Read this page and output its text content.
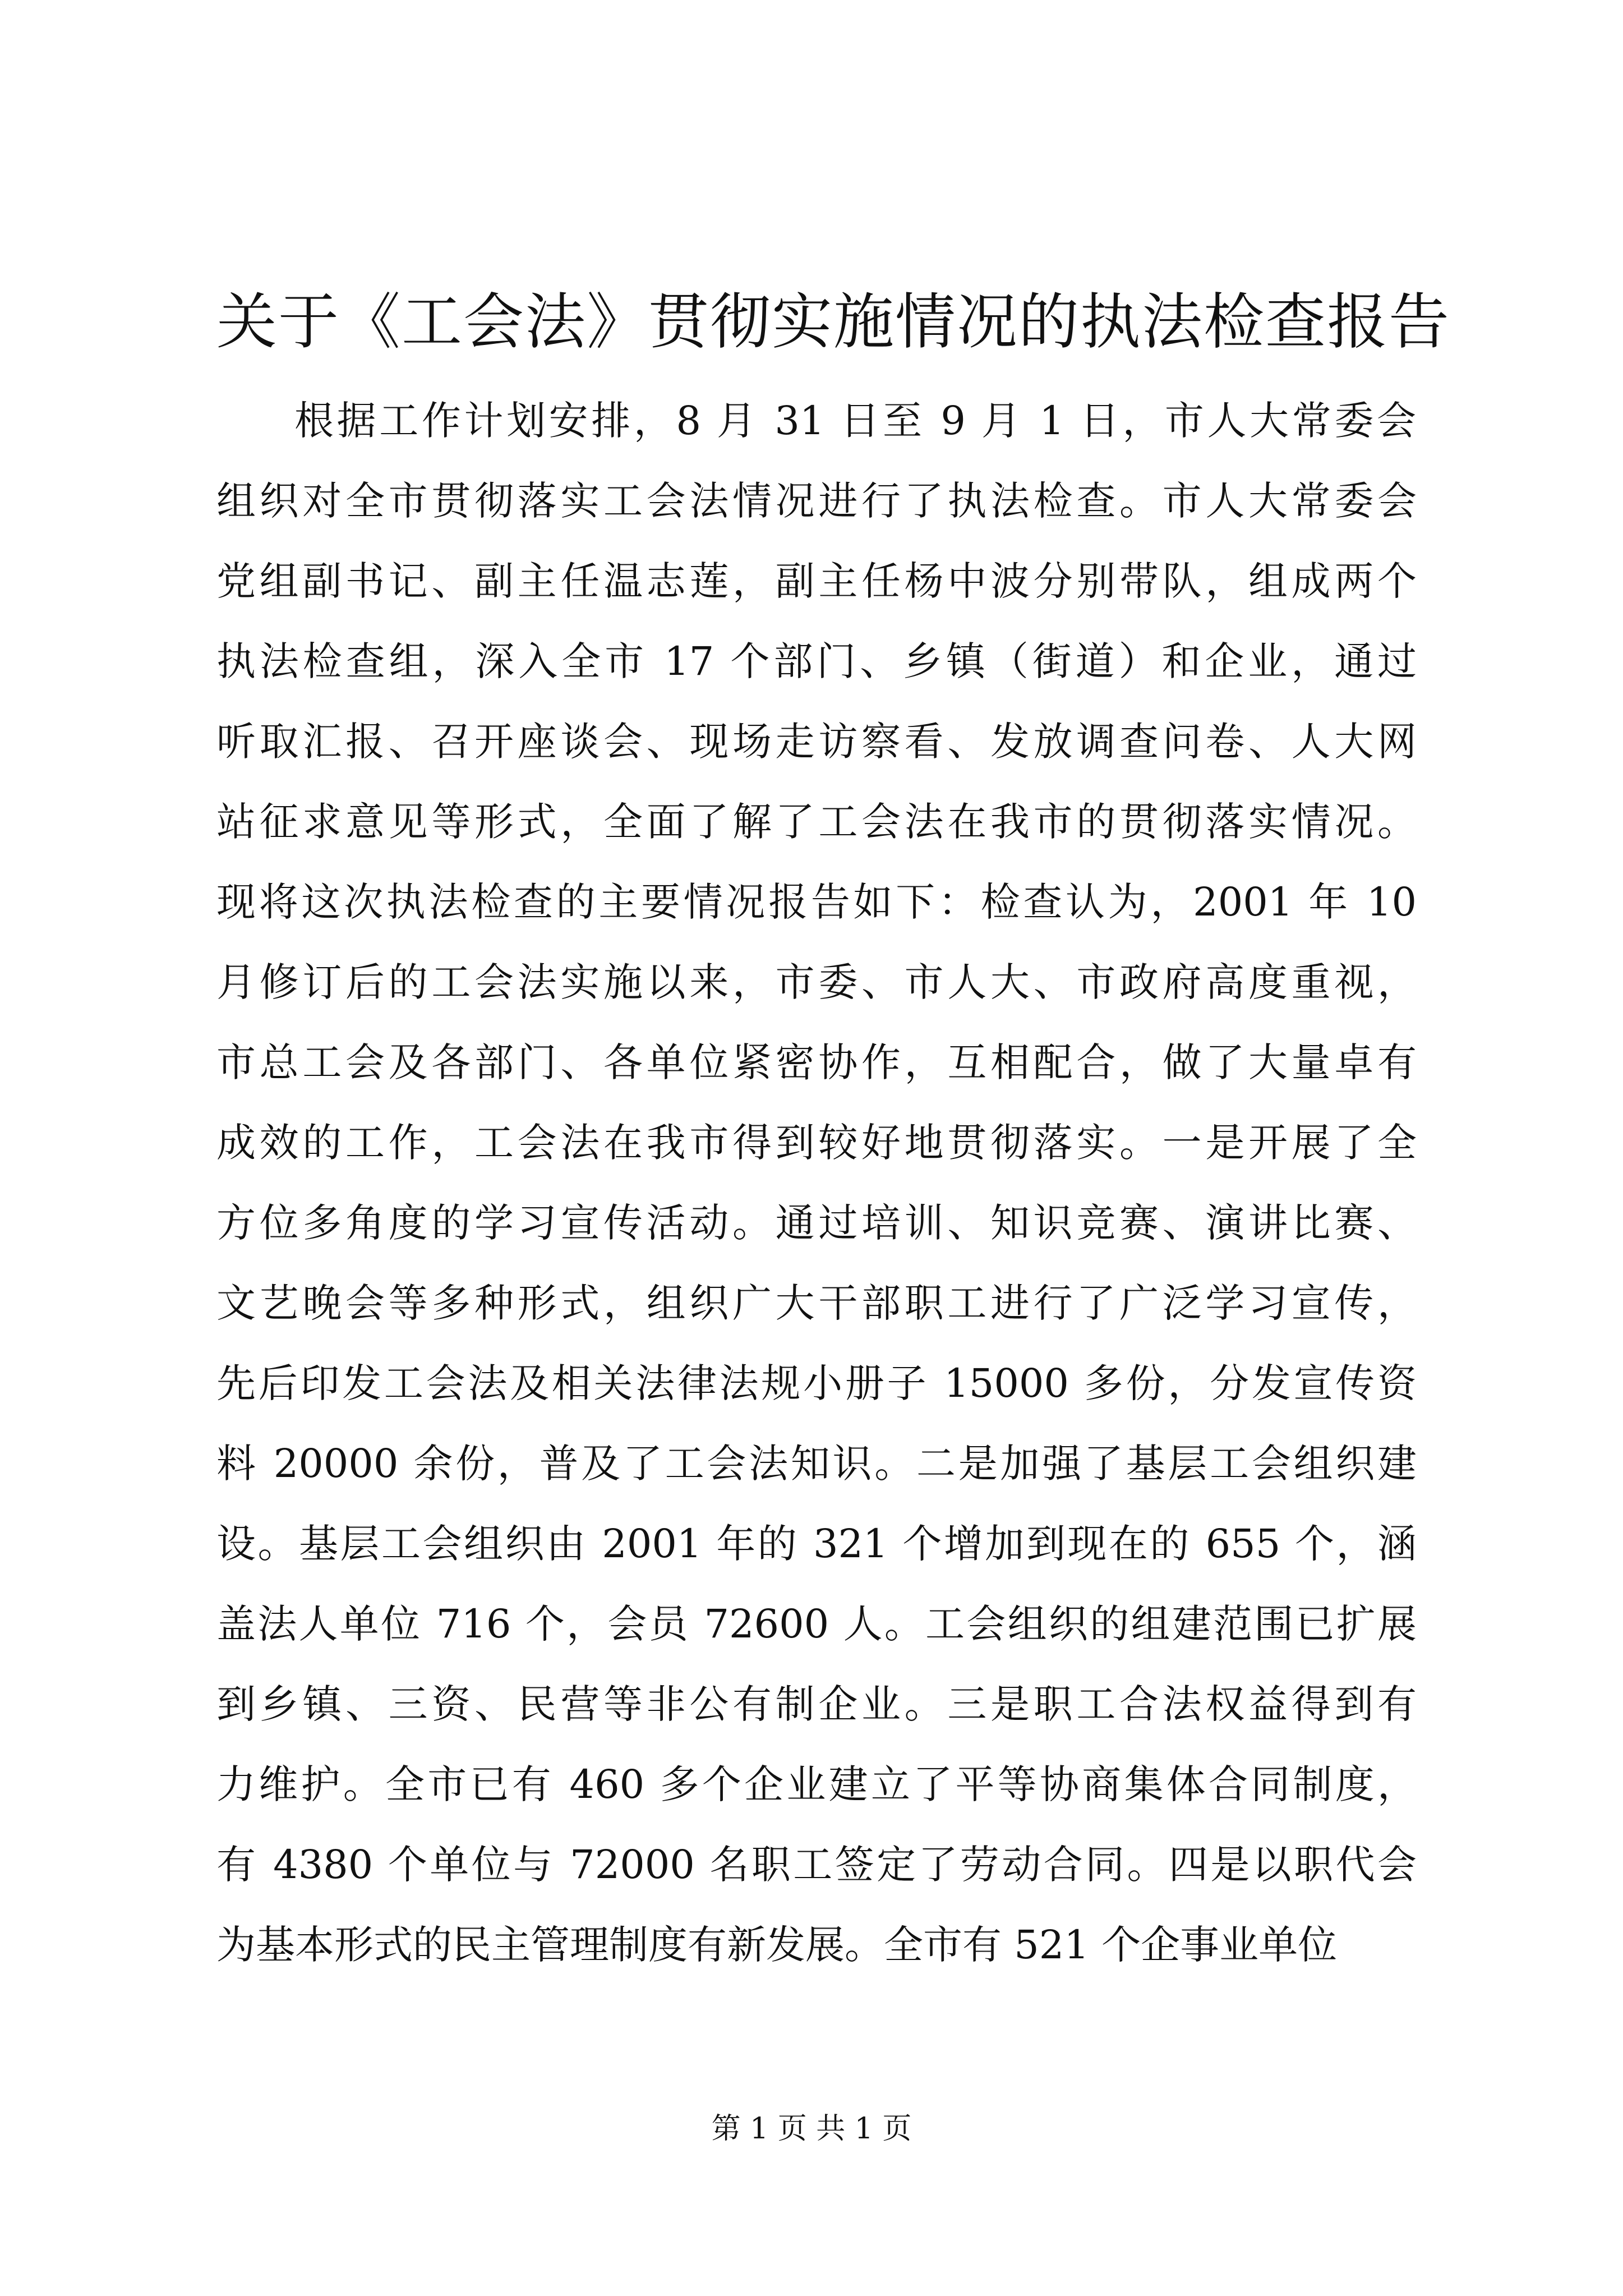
关于《工会法》贯彻实施情况的执法检查报告
根据工作计划安排，8 月 31 日至 9 月 1 日，市人大常委会
组织对全市贯彻落实工会法情况进行了执法检查。市人大常委会
党组副书记、副主任温志莲，副主任杨中波分别带队，组成两个
执法检查组，深入全市 17 个部门、乡镇（街道）和企业，通过
听取汇报、召开座谈会、现场走访察看、发放调查问卷、人大网
站征求意见等形式，全面了解了工会法在我市的贯彻落实情况。
现将这次执法检查的主要情况报告如下：检查认为，2001 年 10
月修订后的工会法实施以来，市委、市人大、市政府高度重视，
市总工会及各部门、各单位紧密协作，互相配合，做了大量卓有
成效的工作，工会法在我市得到较好地贯彻落实。一是开展了全
方位多角度的学习宣传活动。通过培训、知识竞赛、演讲比赛、
文艺晚会等多种形式，组织广大干部职工进行了广泛学习宣传，
先后印发工会法及相关法律法规小册子 15000 多份，分发宣传资
料 20000 余份，普及了工会法知识。二是加强了基层工会组织建
设。基层工会组织由 2001 年的 321 个增加到现在的 655 个，涵
盖法人单位 716 个，会员 72600 人。工会组织的组建范围已扩展
到乡镇、三资、民营等非公有制企业。三是职工合法权益得到有
力维护。全市已有 460 多个企业建立了平等协商集体合同制度，
有 4380 个单位与 72000 名职工签定了劳动合同。四是以职代会
为基本形式的民主管理制度有新发展。全市有 521 个企事业单位
第 1 页 共 1 页
